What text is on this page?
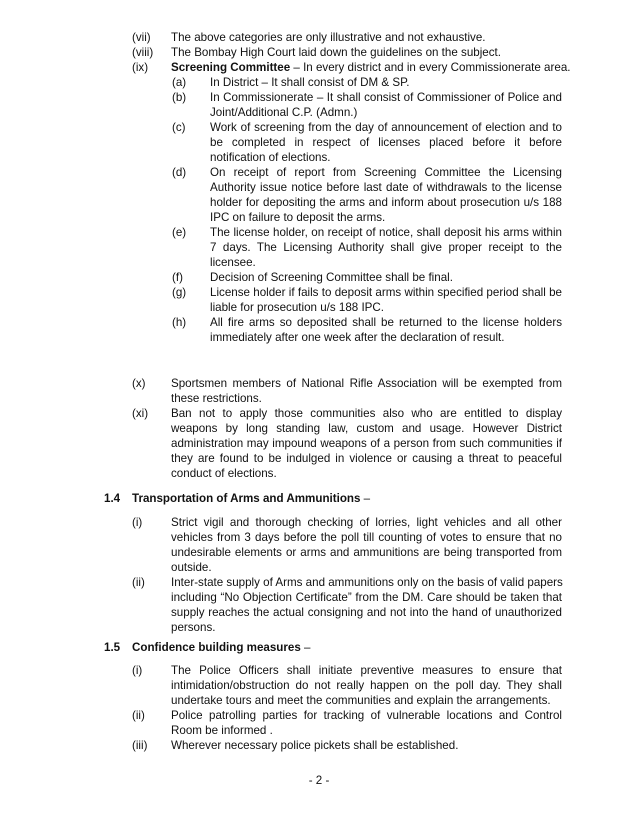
(vii) The above categories are only illustrative and not exhaustive.
(viii) The Bombay High Court laid down the guidelines on the subject.
(ix) Screening Committee – In every district and in every Commissionerate area.
(a) In District – It shall consist of DM & SP.
(b) In Commissionerate – It shall consist of Commissioner of Police and
Joint/Additional C.P. (Admn.)
(c) Work of screening from the day of announcement of election and to
be completed in respect of licenses placed before it before
notification of elections.
(d) On receipt of report from Screening Committee the Licensing
Authority issue notice before last date of withdrawals to the license
holder for depositing the arms and inform about prosecution u/s 188
IPC on failure to deposit the arms.
(e) The license holder, on receipt of notice, shall deposit his arms within
7 days. The Licensing Authority shall give proper receipt to the
licensee.
(f) Decision of Screening Committee shall be final.
(g) License holder if fails to deposit arms within specified period shall be
liable for prosecution u/s 188 IPC.
(h) All fire arms so deposited shall be returned to the license holders
immediately after one week after the declaration of result.
(x) Sportsmen members of National Rifle Association will be exempted from
these restrictions.
(xi) Ban not to apply those communities also who are entitled to display
weapons by long standing law, custom and usage. However District
administration may impound weapons of a person from such communities if
they are found to be indulged in violence or causing a threat to peaceful
conduct of elections.
1.4 Transportation of Arms and Ammunitions –
(i) Strict vigil and thorough checking of lorries, light vehicles and all other
vehicles from 3 days before the poll till counting of votes to ensure that no
undesirable elements or arms and ammunitions are being transported from
outside.
(ii) Inter-state supply of Arms and ammunitions only on the basis of valid papers
including “No Objection Certificate” from the DM. Care should be taken that
supply reaches the actual consigning and not into the hand of unauthorized
persons.
1.5 Confidence building measures –
(i) The Police Officers shall initiate preventive measures to ensure that
intimidation/obstruction do not really happen on the poll day. They shall
undertake tours and meet the communities and explain the arrangements.
(ii) Police patrolling parties for tracking of vulnerable locations and Control
Room be informed .
(iii) Wherever necessary police pickets shall be established.
- 2 -
